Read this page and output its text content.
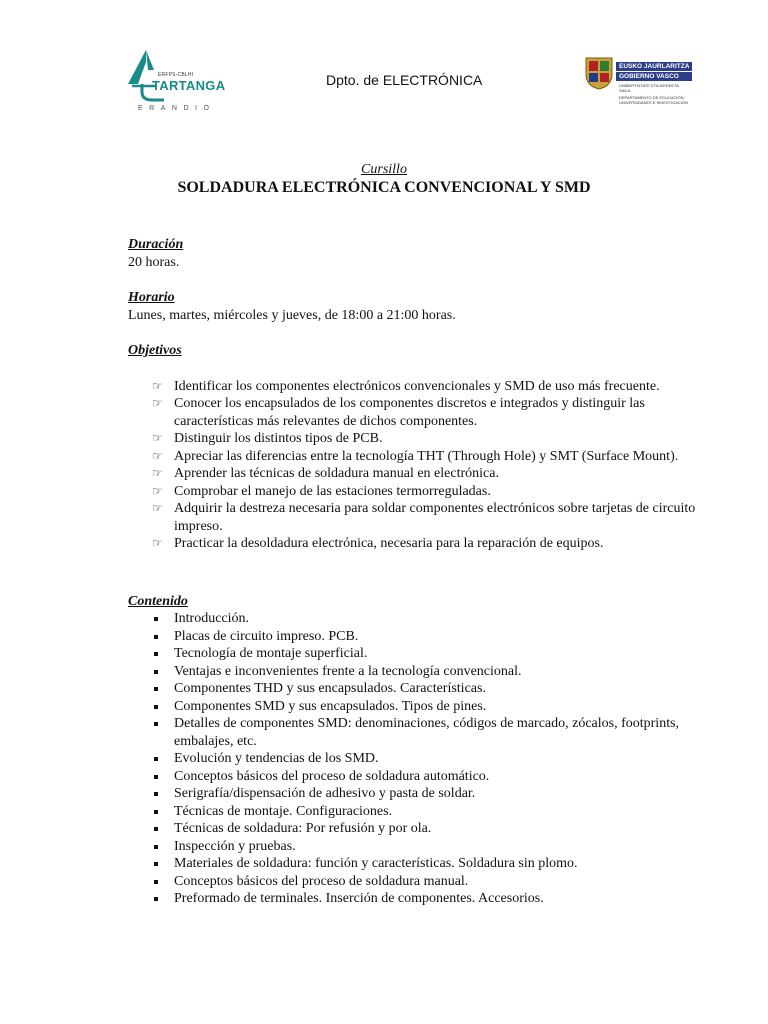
ERFPS-CBLHI
TARTANGA
ERANDIO
Dpto. de ELECTRÓNICA
EUSKO JAURLARITZA
GOBIERNO VASCO
UNIBERTSITATE ETA IKERKETA SAILA
DEPARTAMENTO DE EDUCACIÓN, UNIVERSIDADES E INVESTIGACIÓN
Cursillo
SOLDADURA ELECTRÓNICA CONVENCIONAL Y SMD
Duración
20 horas.
Horario
Lunes, martes, miércoles y jueves, de 18:00 a 21:00 horas.
Objetivos
☞ Identificar los componentes electrónicos convencionales y SMD de uso más frecuente.
☞ Conocer los encapsulados de los componentes discretos e integrados y distinguir las características más relevantes de dichos componentes.
☞ Distinguir los distintos tipos de PCB.
☞ Apreciar las diferencias entre la tecnología THT (Through Hole) y SMT (Surface Mount).
☞ Aprender las técnicas de soldadura manual en electrónica.
☞ Comprobar el manejo de las estaciones termorreguladas.
☞ Adquirir la destreza necesaria para soldar componentes electrónicos sobre tarjetas de circuito impreso.
☞ Practicar la desoldadura electrónica, necesaria para la reparación de equipos.
Contenido
Introducción.
Placas de circuito impreso. PCB.
Tecnología de montaje superficial.
Ventajas e inconvenientes frente a la tecnología convencional.
Componentes THD y sus encapsulados. Características.
Componentes SMD y sus encapsulados. Tipos de pines.
Detalles de componentes SMD: denominaciones, códigos de marcado, zócalos, footprints, embalajes, etc.
Evolución y tendencias de los SMD.
Conceptos básicos del proceso de soldadura automático.
Serigrafía/dispensación de adhesivo y pasta de soldar.
Técnicas de montaje. Configuraciones.
Técnicas de soldadura: Por refusión y por ola.
Inspección y pruebas.
Materiales de soldadura: función y características. Soldadura sin plomo.
Conceptos básicos del proceso de soldadura manual.
Preformado de terminales. Inserción de componentes. Accesorios.
